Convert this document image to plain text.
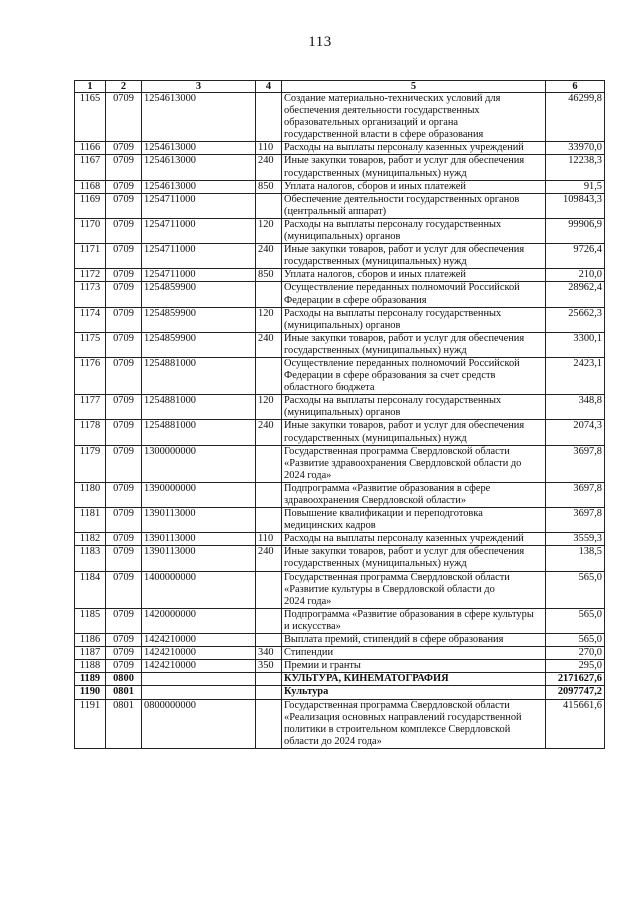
113
1	2	3	4	5	6
1165	0709	1254613000		Создание материально-технических условий для
обеспечения деятельности государственных
образовательных организаций и органа
государственной власти в сфере образования	46299,8
1166	0709	1254613000	110	Расходы на выплаты персоналу казенных учреждений	33970,0
1167	0709	1254613000	240	Иные закупки товаров, работ и услуг для обеспечения
государственных (муниципальных) нужд	12238,3
1168	0709	1254613000	850	Уплата налогов, сборов и иных платежей	91,5
1169	0709	1254711000		Обеспечение деятельности государственных органов
(центральный аппарат)	109843,3
1170	0709	1254711000	120	Расходы на выплаты персоналу государственных
(муниципальных) органов	99906,9
1171	0709	1254711000	240	Иные закупки товаров, работ и услуг для обеспечения
государственных (муниципальных) нужд	9726,4
1172	0709	1254711000	850	Уплата налогов, сборов и иных платежей	210,0
1173	0709	1254859900		Осуществление переданных полномочий Российской
Федерации в сфере образования	28962,4
1174	0709	1254859900	120	Расходы на выплаты персоналу государственных
(муниципальных) органов	25662,3
1175	0709	1254859900	240	Иные закупки товаров, работ и услуг для обеспечения
государственных (муниципальных) нужд	3300,1
1176	0709	1254881000		Осуществление переданных полномочий Российской
Федерации в сфере образования за счет средств
областного бюджета	2423,1
1177	0709	1254881000	120	Расходы на выплаты персоналу государственных
(муниципальных) органов	348,8
1178	0709	1254881000	240	Иные закупки товаров, работ и услуг для обеспечения
государственных (муниципальных) нужд	2074,3
1179	0709	1300000000		Государственная программа Свердловской области
«Развитие здравоохранения Свердловской области до
2024 года»	3697,8
1180	0709	1390000000		Подпрограмма «Развитие образования в сфере
здравоохранения Свердловской области»	3697,8
1181	0709	1390113000		Повышение квалификации и переподготовка
медицинских кадров	3697,8
1182	0709	1390113000	110	Расходы на выплаты персоналу казенных учреждений	3559,3
1183	0709	1390113000	240	Иные закупки товаров, работ и услуг для обеспечения
государственных (муниципальных) нужд	138,5
1184	0709	1400000000		Государственная программа Свердловской области
«Развитие культуры в Свердловской области до
2024 года»	565,0
1185	0709	1420000000		Подпрограмма «Развитие образования в сфере культуры
и искусства»	565,0
1186	0709	1424210000		Выплата премий, стипендий в сфере образования	565,0
1187	0709	1424210000	340	Стипендии	270,0
1188	0709	1424210000	350	Премии и гранты	295,0
1189	0800			КУЛЬТУРА, КИНЕМАТОГРАФИЯ	2171627,6
1190	0801			Культура	2097747,2
1191	0801	0800000000		Государственная программа Свердловской области
«Реализация основных направлений государственной
политики в строительном комплексе Свердловской
области до 2024 года»	415661,6
